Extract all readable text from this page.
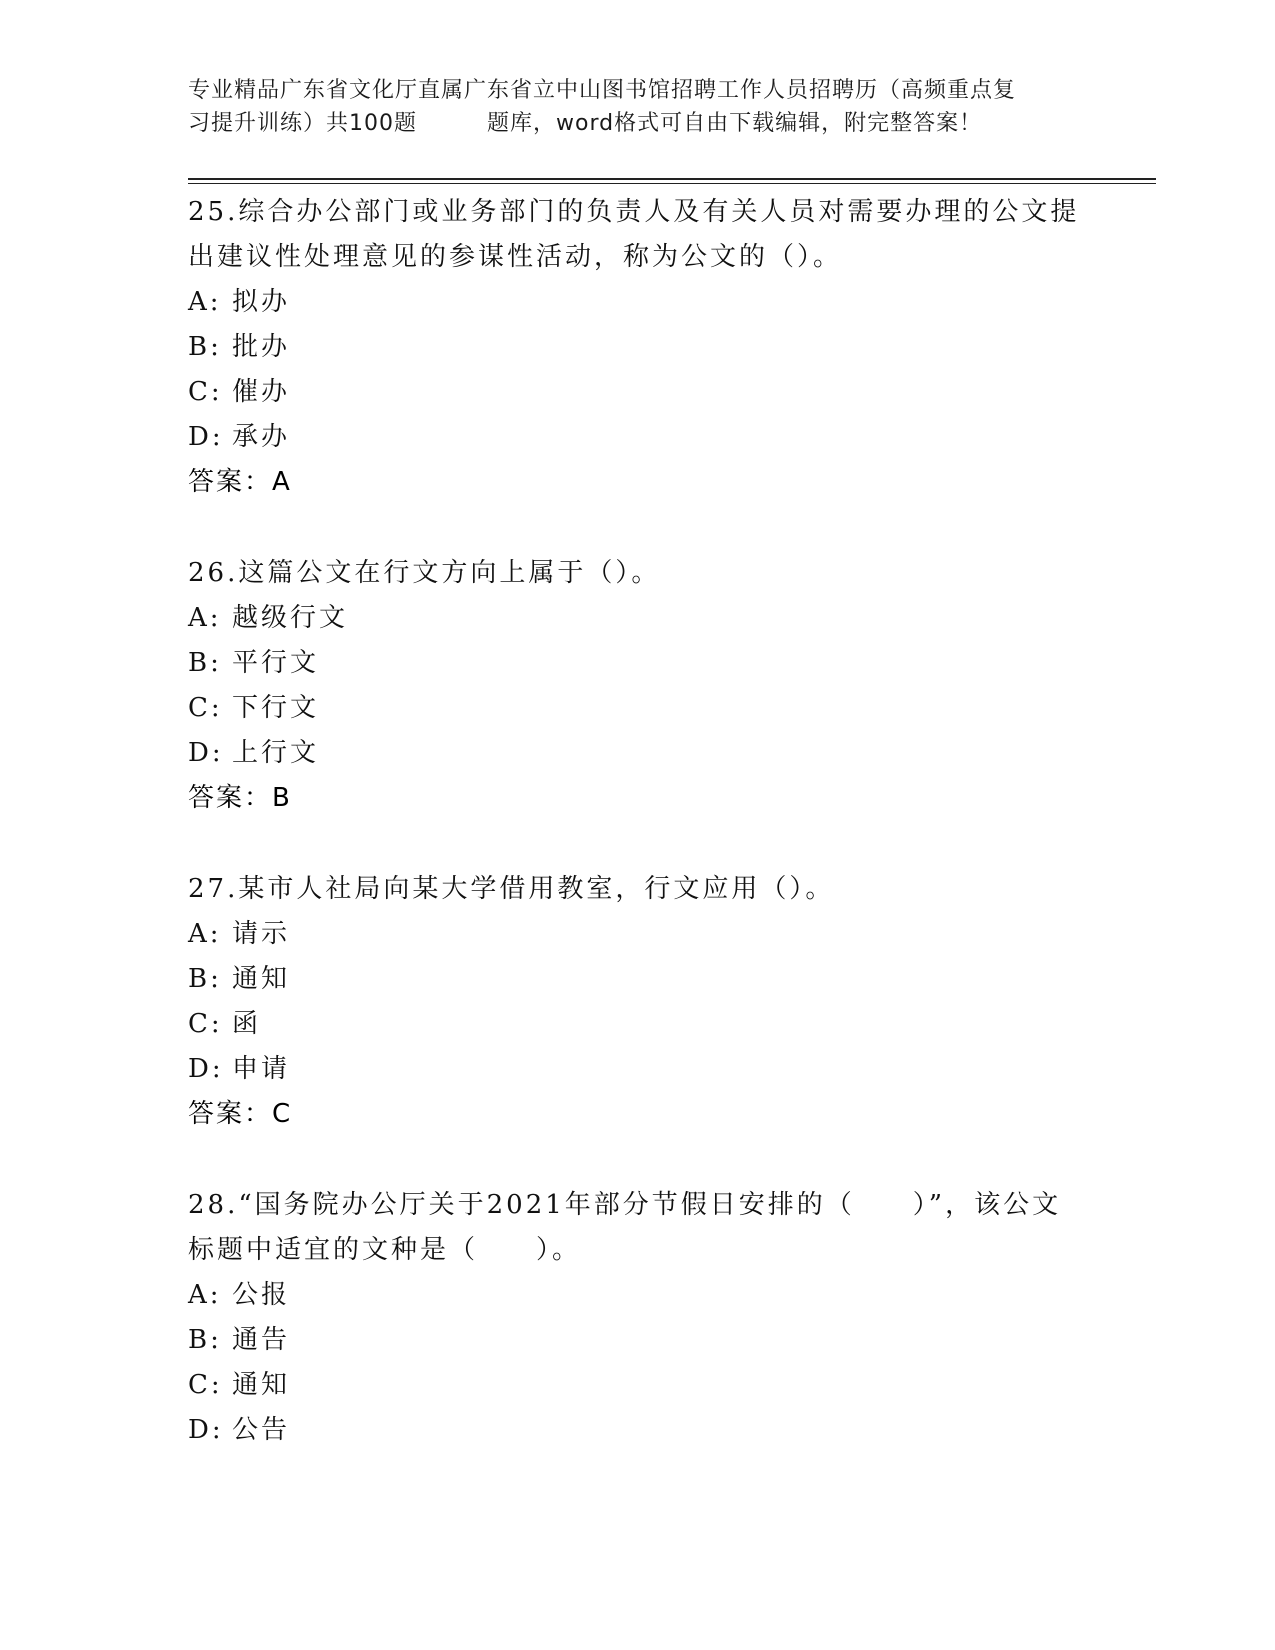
专业精品广东省文化厅直属广东省立中山图书馆招聘工作人员招聘历（高频重点复
习提升训练）共100题	题库，word格式可自由下载编辑，附完整答案！

25.综合办公部门或业务部门的负责人及有关人员对需要办理的公文提出建议性处理意见的参谋性活动，称为公文的（）。

A: 拟办
B: 批办
C: 催办
D: 承办
答案：A

26.这篇公文在行文方向上属于（）。

A: 越级行文
B: 平行文
C: 下行文
D: 上行文
答案：B

27.某市人社局向某大学借用教室，行文应用（）。

A: 请示
B: 通知
C: 函
D: 申请
答案：C

28.“国务院办公厅关于2021年部分节假日安排的（　　）”，该公文标题中适宜的文种是（　　）。

A: 公报
B: 通告
C: 通知
D: 公告
